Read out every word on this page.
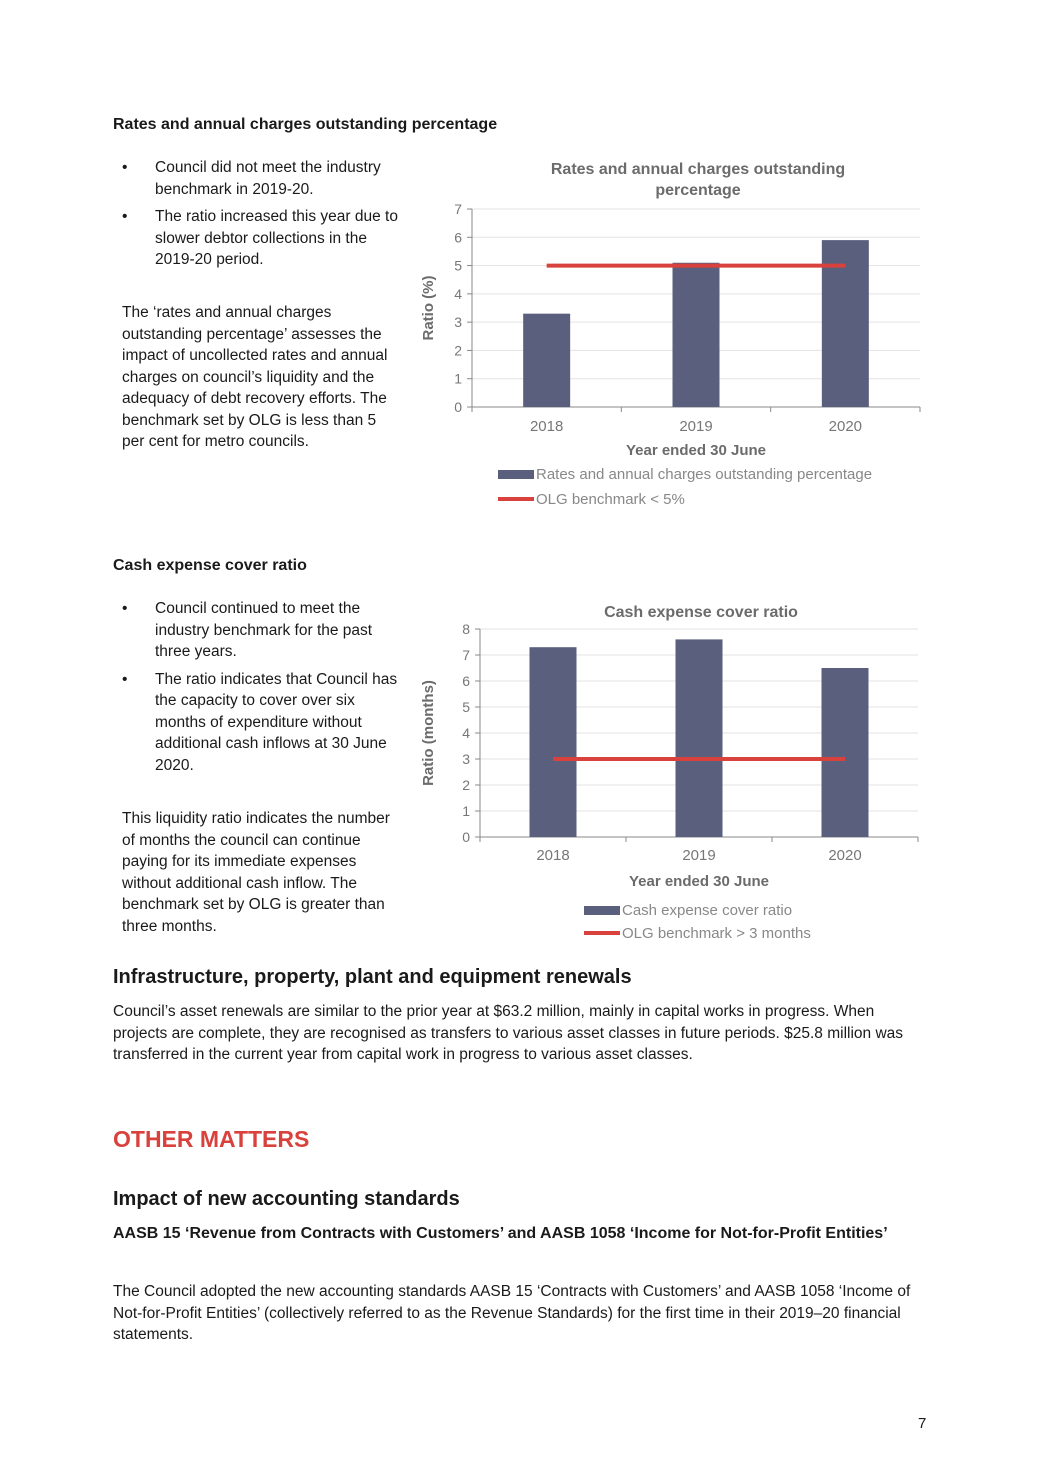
Rates and annual charges outstanding percentage
• Council did not meet the industry benchmark in 2019-20.
• The ratio increased this year due to slower debtor collections in the 2019-20 period.

The ‘rates and annual charges outstanding percentage’ assesses the impact of uncollected rates and annual charges on council’s liquidity and the adequacy of debt recovery efforts. The benchmark set by OLG is less than 5 per cent for metro councils.

Rates and annual charges outstanding
percentage
0
1
2
3
4
5
6
7
2018	2019	2020
Year ended 30 June
Ratio (%)
Rates and annual charges outstanding percentage
OLG benchmark < 5%
Cash expense cover ratio
• Council continued to meet the industry benchmark for the past three years.
• The ratio indicates that Council has the capacity to cover over six months of expenditure without additional cash inflows at 30 June 2020.

This liquidity ratio indicates the number of months the council can continue paying for its immediate expenses without additional cash inflow. The benchmark set by OLG is greater than three months.

Cash expense cover ratio
0
1
2
3
4
5
6
7
8
2018	2019	2020
Year ended 30 June
Ratio (months)
Cash expense cover ratio
OLG benchmark > 3 months
Infrastructure, property, plant and equipment renewals

Council’s asset renewals are similar to the prior year at $63.2 million, mainly in capital works in progress. When projects are complete, they are recognised as transfers to various asset classes in future periods. $25.8 million was transferred in the current year from capital work in progress to various asset classes.

OTHER MATTERS
Impact of new accounting standards
AASB 15 ‘Revenue from Contracts with Customers’ and AASB 1058 ‘Income for Not-for-Profit Entities’

The Council adopted the new accounting standards AASB 15 ‘Contracts with Customers’ and AASB 1058 ‘Income of Not-for-Profit Entities’ (collectively referred to as the Revenue Standards) for the first time in their 2019–20 financial statements.

7
